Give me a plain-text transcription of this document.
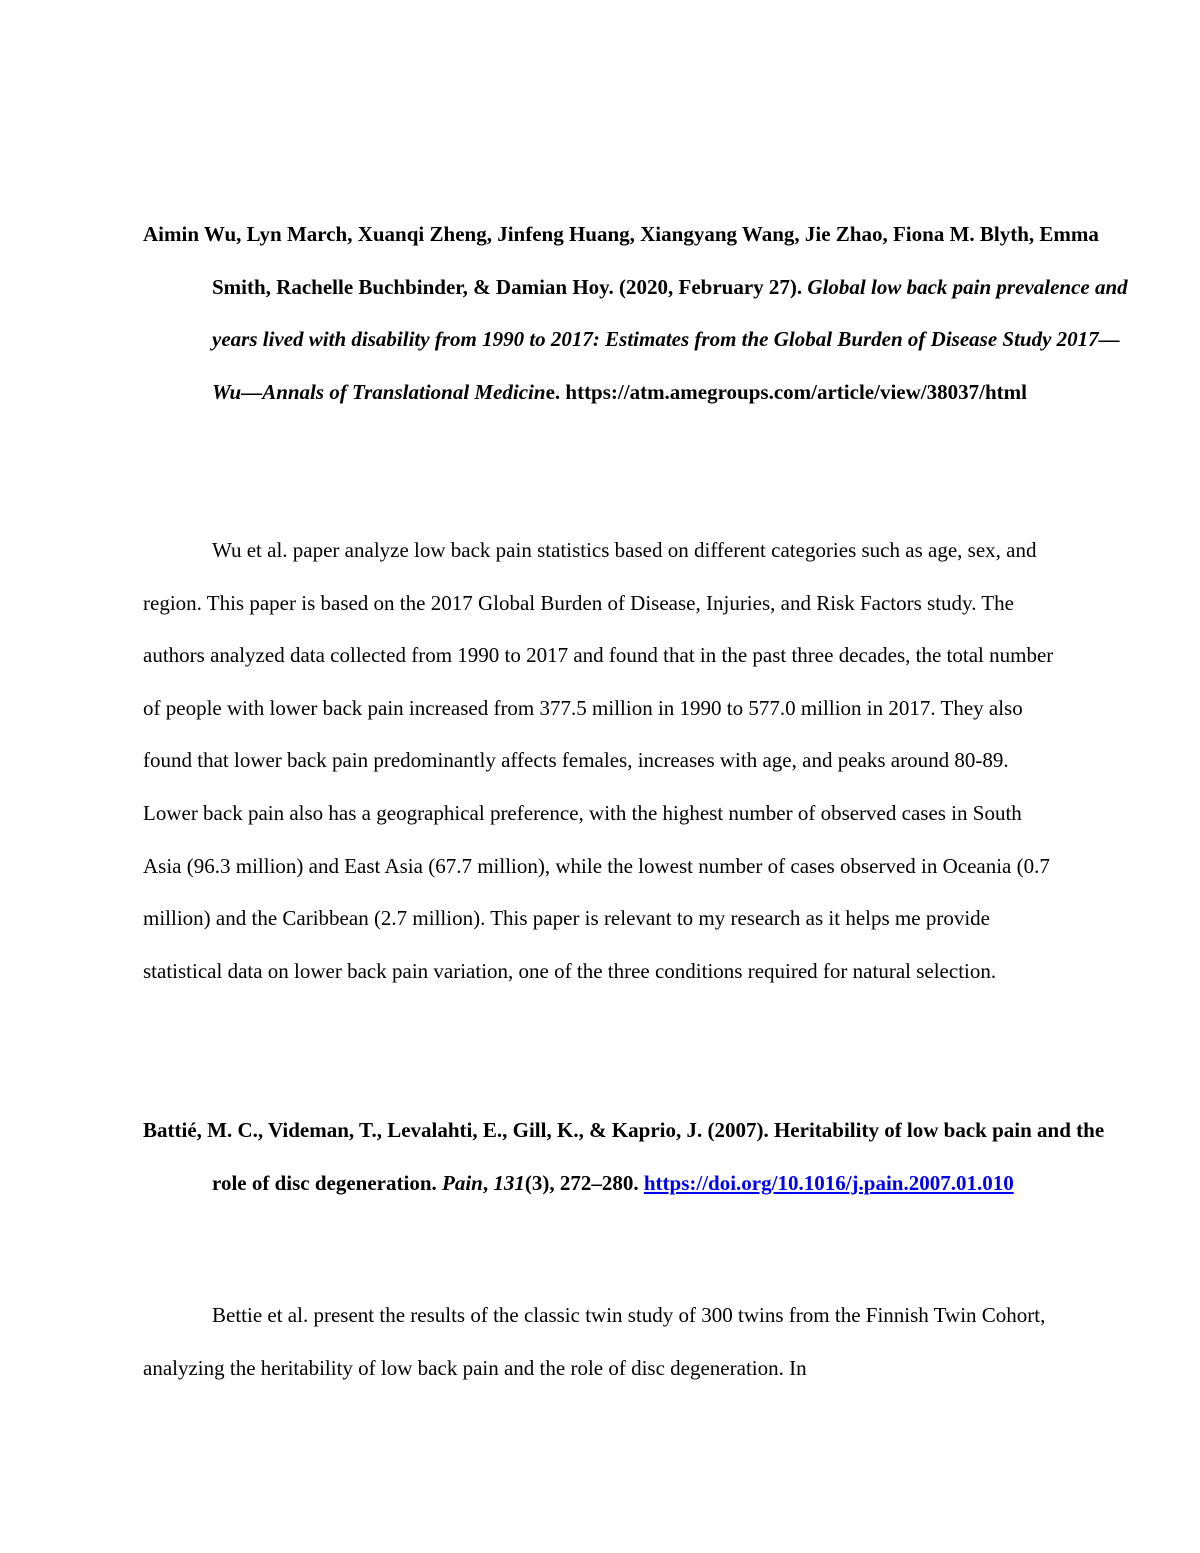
Aimin Wu, Lyn March, Xuanqi Zheng, Jinfeng Huang, Xiangyang Wang, Jie Zhao, Fiona M. Blyth, Emma Smith, Rachelle Buchbinder, & Damian Hoy. (2020, February 27). Global low back pain prevalence and years lived with disability from 1990 to 2017: Estimates from the Global Burden of Disease Study 2017—Wu—Annals of Translational Medicine. https://atm.amegroups.com/article/view/38037/html

Wu et al. paper analyze low back pain statistics based on different categories such as age, sex, and region. This paper is based on the 2017 Global Burden of Disease, Injuries, and Risk Factors study. The authors analyzed data collected from 1990 to 2017 and found that in the past three decades, the total number of people with lower back pain increased from 377.5 million in 1990 to 577.0 million in 2017. They also found that lower back pain predominantly affects females, increases with age, and peaks around 80-89. Lower back pain also has a geographical preference, with the highest number of observed cases in South Asia (96.3 million) and East Asia (67.7 million), while the lowest number of cases observed in Oceania (0.7 million) and the Caribbean (2.7 million). This paper is relevant to my research as it helps me provide statistical data on lower back pain variation, one of the three conditions required for natural selection.

Battié, M. C., Videman, T., Levalahti, E., Gill, K., & Kaprio, J. (2007). Heritability of low back pain and the role of disc degeneration. Pain, 131(3), 272–280. https://doi.org/10.1016/j.pain.2007.01.010

Bettie et al. present the results of the classic twin study of 300 twins from the Finnish Twin Cohort, analyzing the heritability of low back pain and the role of disc degeneration. In
